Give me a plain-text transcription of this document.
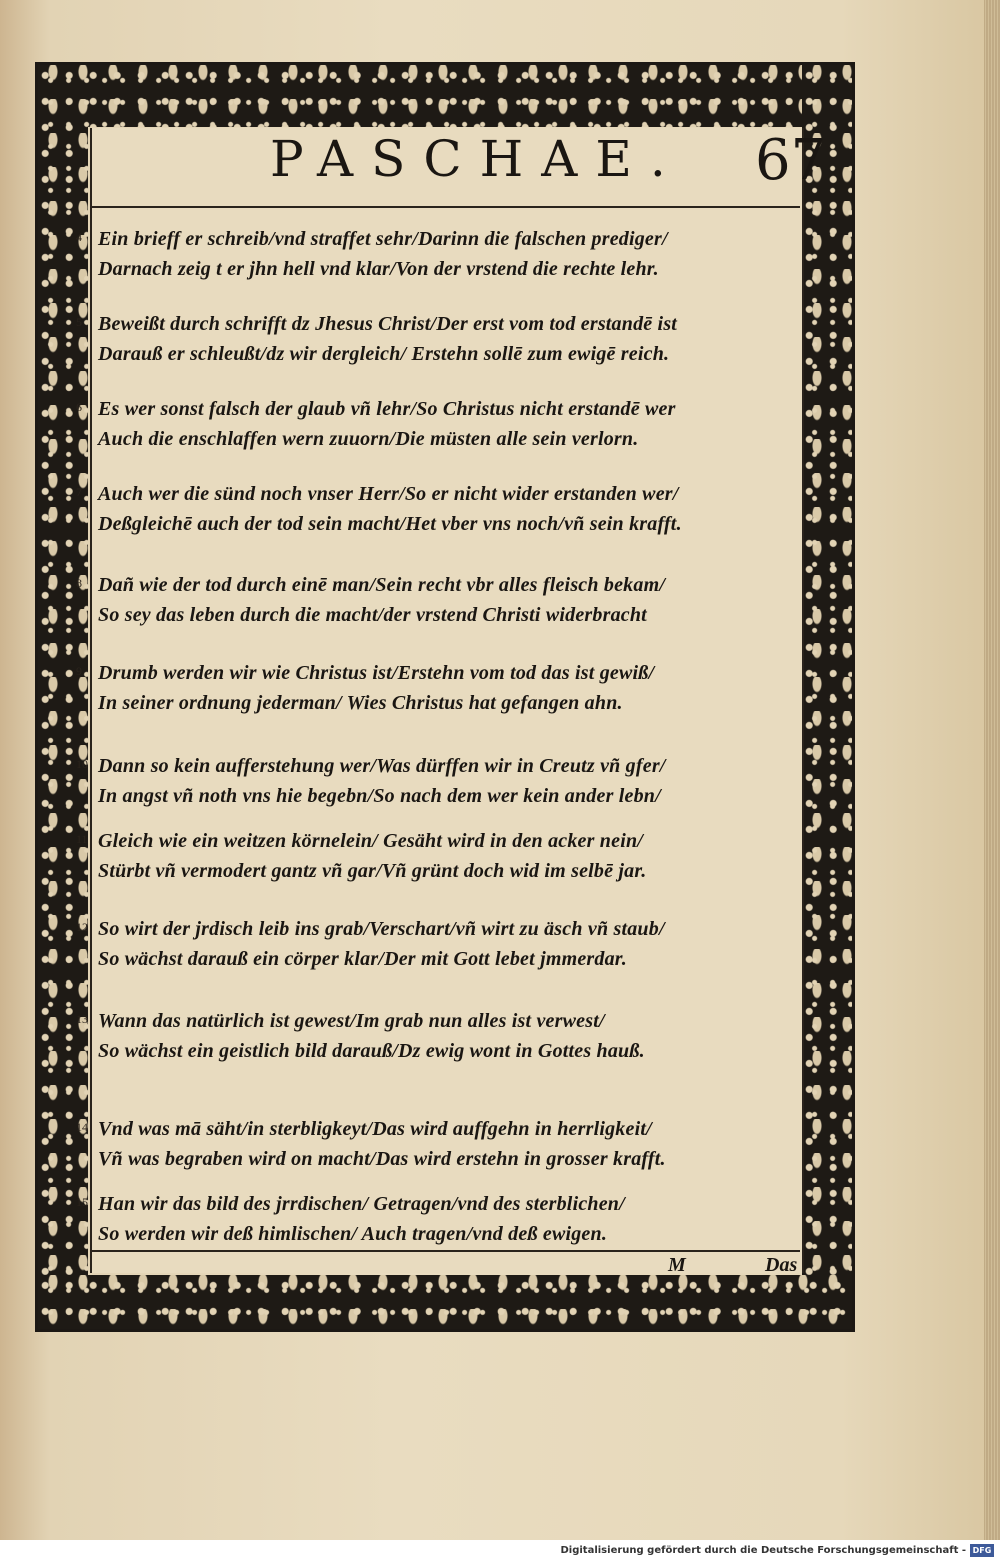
PASCHAE. 67
4 Ein brieff er schreib/vnd straffet sehr/Darinn die falschen prediger/
Darnach zeig t er jhn hell vnd klar/Von der vrstend die rechte lehr.
5 Beweißt durch schrifft dz Jhesus Christ/Der erst vom tod erstandē ist
Darauß er schleußt/dz wir dergleich/ Erstehn sollē zum ewigē reich.
6 Es wer sonst falsch der glaub vñ lehr/So Christus nicht erstandē wer
Auch die enschlaffen wern zuuorn/Die müsten alle sein verlorn.
7 Auch wer die sünd noch vnser Herr/So er nicht wider erstanden wer/
Deßgleichē auch der tod sein macht/Het vber vns noch/vñ sein krafft.
8 Dañ wie der tod durch einē man/Sein recht vbr alles fleisch bekam/
So sey das leben durch die macht/der vrstend Christi widerbracht
9 Drumb werden wir wie Christus ist/Erstehn vom tod das ist gewiß/
In seiner ordnung jederman/ Wies Christus hat gefangen ahn.
10 Dann so kein aufferstehung wer/Was dürffen wir in Creutz vñ gfer/
In angst vñ noth vns hie begebn/So nach dem wer kein ander lebn/
11 Gleich wie ein weitzen körnelein/ Gesäht wird in den acker nein/
Stürbt vñ vermodert gantz vñ gar/Vñ grünt doch wid im selbē jar.
12 So wirt der jrdisch leib ins grab/Verschart/vñ wirt zu äsch vñ staub/
So wächst darauß ein cörper klar/Der mit Gott lebet jmmerdar.
13 Wann das natürlich ist gewest/Im grab nun alles ist verwest/
So wächst ein geistlich bild darauß/Dz ewig wont in Gottes hauß.
14 Vnd was mā säht/in sterbligkeyt/Das wird auffgehn in herrligkeit/
Vñ was begraben wird on macht/Das wird erstehn in grosser krafft.
15 Han wir das bild des jrrdischen/ Getragen/vnd des sterblichen/
So werden wir deß himlischen/ Auch tragen/vnd deß ewigen.
M	Das
Digitalisierung gefördert durch die Deutsche Forschungsgemeinschaft - DFG
